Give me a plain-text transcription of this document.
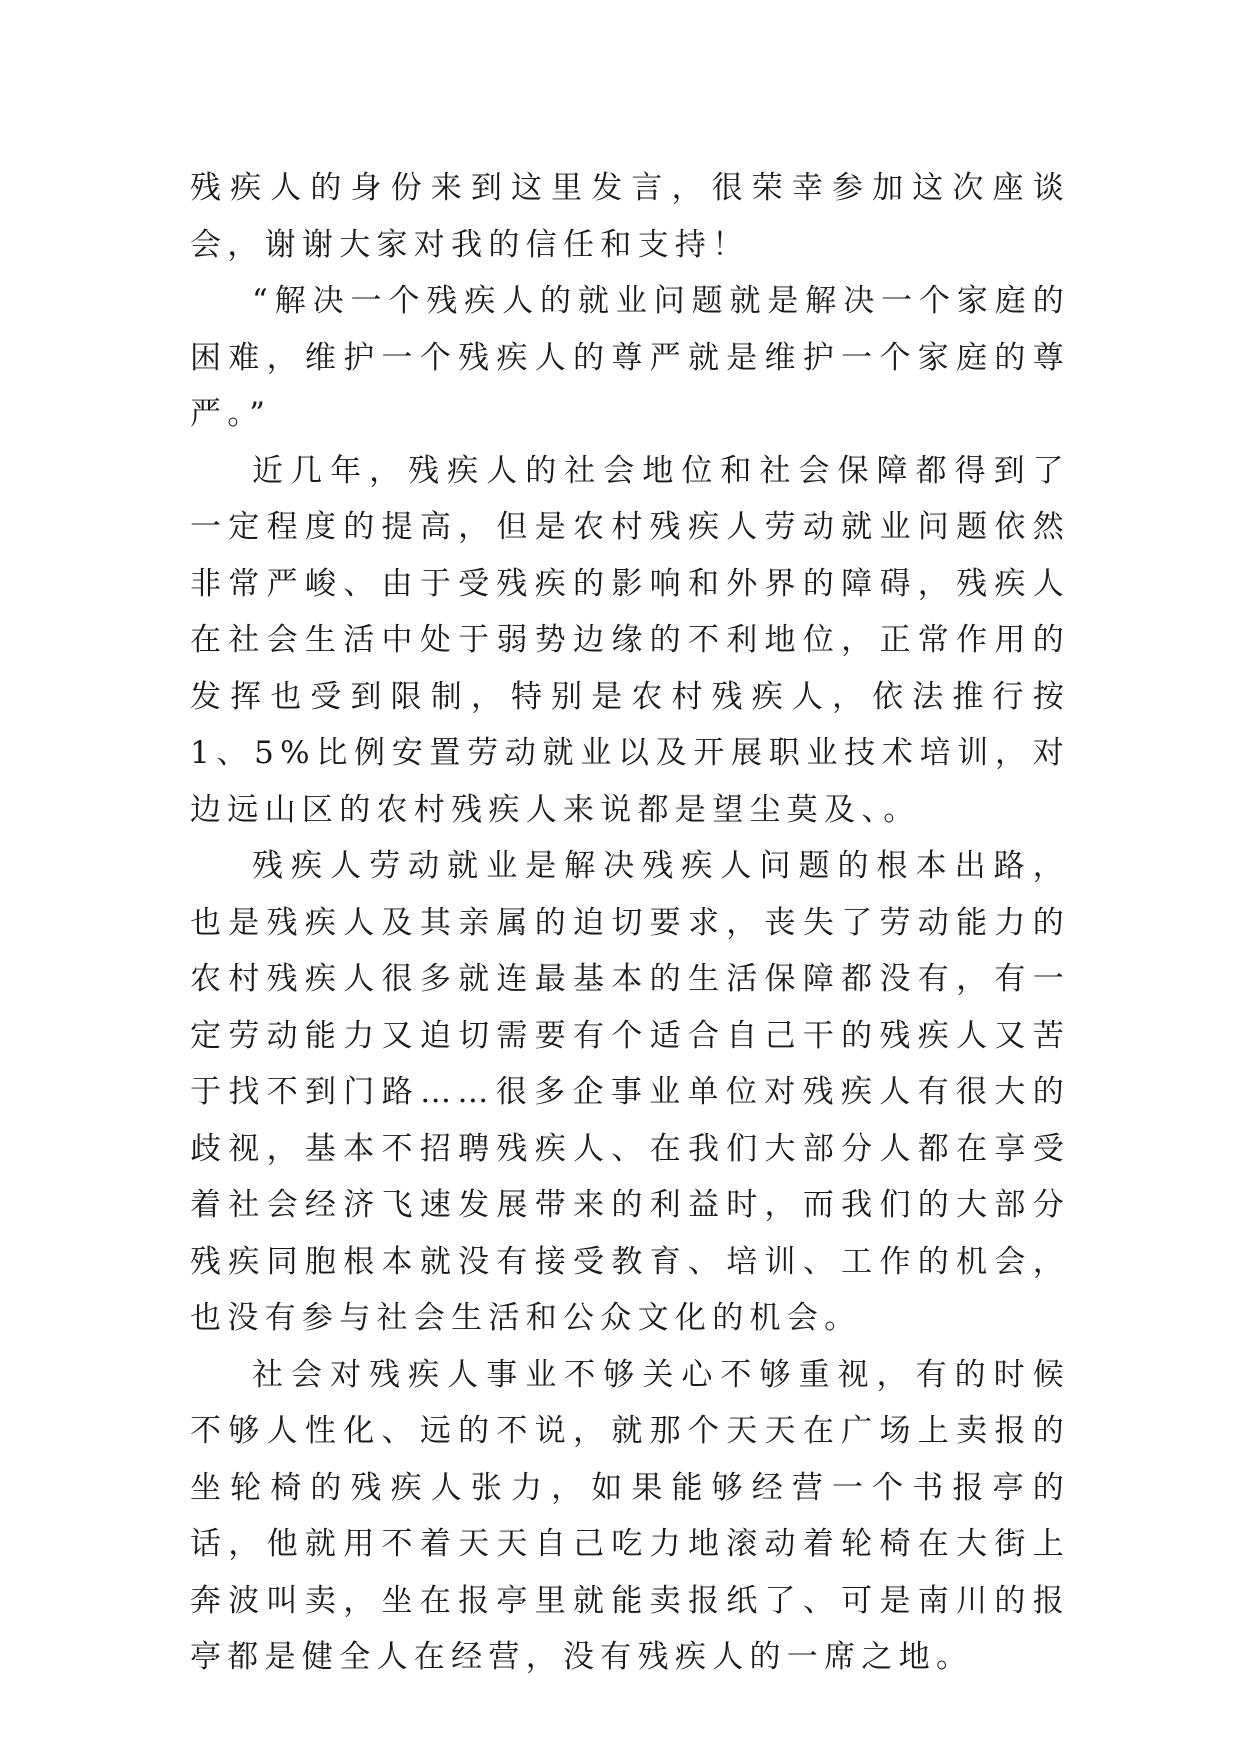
残疾人的身份来到这里发言，很荣幸参加这次座谈会，谢谢大家对我的信任和支持！

“解决一个残疾人的就业问题就是解决一个家庭的困难，维护一个残疾人的尊严就是维护一个家庭的尊严。”

近几年，残疾人的社会地位和社会保障都得到了一定程度的提高，但是农村残疾人劳动就业问题依然非常严峻、由于受残疾的影响和外界的障碍，残疾人在社会生活中处于弱势边缘的不利地位，正常作用的发挥也受到限制，特别是农村残疾人，依法推行按1、5%比例安置劳动就业以及开展职业技术培训，对边远山区的农村残疾人来说都是望尘莫及、。

残疾人劳动就业是解决残疾人问题的根本出路，也是残疾人及其亲属的迫切要求，丧失了劳动能力的农村残疾人很多就连最基本的生活保障都没有，有一定劳动能力又迫切需要有个适合自己干的残疾人又苦于找不到门路……很多企事业单位对残疾人有很大的歧视，基本不招聘残疾人、在我们大部分人都在享受着社会经济飞速发展带来的利益时，而我们的大部分残疾同胞根本就没有接受教育、培训、工作的机会，也没有参与社会生活和公众文化的机会。

社会对残疾人事业不够关心不够重视，有的时候不够人性化、远的不说，就那个天天在广场上卖报的坐轮椅的残疾人张力，如果能够经营一个书报亭的话，他就用不着天天自己吃力地滚动着轮椅在大街上奔波叫卖，坐在报亭里就能卖报纸了、可是南川的报亭都是健全人在经营，没有残疾人的一席之地。
